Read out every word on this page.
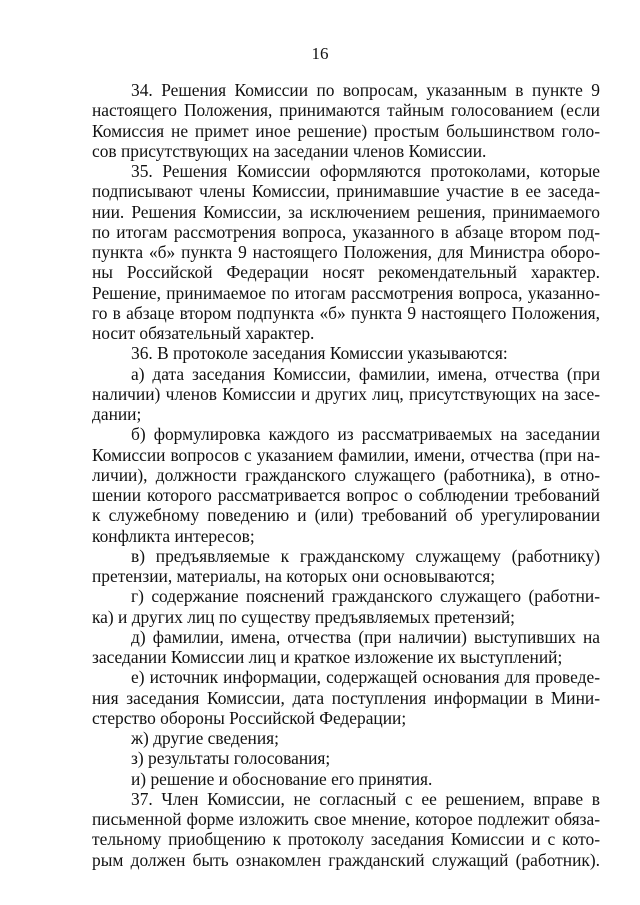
16
34. Решения Комиссии по вопросам, указанным в пункте 9
настоящего Положения, принимаются тайным голосованием (если
Комиссия не примет иное решение) простым большинством голо-
сов присутствующих на заседании членов Комиссии.
35. Решения Комиссии оформляются протоколами, которые
подписывают члены Комиссии, принимавшие участие в ее заседа-
нии. Решения Комиссии, за исключением решения, принимаемого
по итогам рассмотрения вопроса, указанного в абзаце втором под-
пункта «б» пункта 9 настоящего Положения, для Министра оборо-
ны Российской Федерации носят рекомендательный характер.
Решение, принимаемое по итогам рассмотрения вопроса, указанно-
го в абзаце втором подпункта «б» пункта 9 настоящего Положения,
носит обязательный характер.
36. В протоколе заседания Комиссии указываются:
а) дата заседания Комиссии, фамилии, имена, отчества (при
наличии) членов Комиссии и других лиц, присутствующих на засе-
дании;
б) формулировка каждого из рассматриваемых на заседании
Комиссии вопросов с указанием фамилии, имени, отчества (при на-
личии), должности гражданского служащего (работника), в отно-
шении которого рассматривается вопрос о соблюдении требований
к служебному поведению и (или) требований об урегулировании
конфликта интересов;
в) предъявляемые к гражданскому служащему (работнику)
претензии, материалы, на которых они основываются;
г) содержание пояснений гражданского служащего (работни-
ка) и других лиц по существу предъявляемых претензий;
д) фамилии, имена, отчества (при наличии) выступивших на
заседании Комиссии лиц и краткое изложение их выступлений;
е) источник информации, содержащей основания для проведе-
ния заседания Комиссии, дата поступления информации в Мини-
стерство обороны Российской Федерации;
ж) другие сведения;
з) результаты голосования;
и) решение и обоснование его принятия.
37. Член Комиссии, не согласный с ее решением, вправе в
письменной форме изложить свое мнение, которое подлежит обяза-
тельному приобщению к протоколу заседания Комиссии и с кото-
рым должен быть ознакомлен гражданский служащий (работник).
